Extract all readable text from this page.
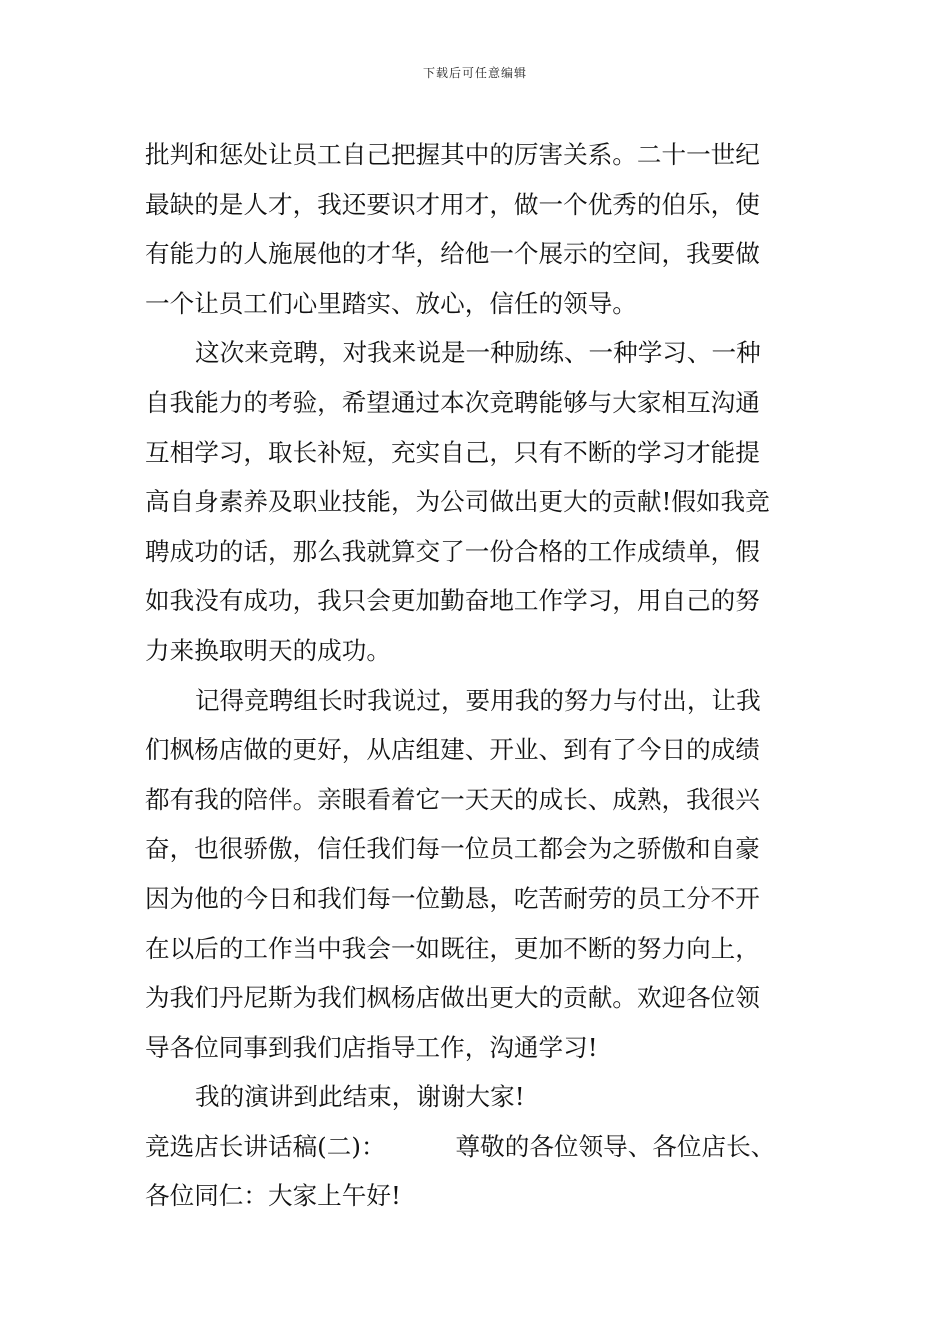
下载后可任意编辑
批判和惩处让员工自己把握其中的厉害关系。二十一世纪
最缺的是人才，我还要识才用才，做一个优秀的伯乐，使
有能力的人施展他的才华，给他一个展示的空间，我要做
一个让员工们心里踏实、放心，信任的领导。
这次来竞聘，对我来说是一种励练、一种学习、一种
自我能力的考验，希望通过本次竞聘能够与大家相互沟通
互相学习，取长补短，充实自己，只有不断的学习才能提
高自身素养及职业技能，为公司做出更大的贡献!假如我竞
聘成功的话，那么我就算交了一份合格的工作成绩单，假
如我没有成功，我只会更加勤奋地工作学习，用自己的努
力来换取明天的成功。
记得竞聘组长时我说过，要用我的努力与付出，让我
们枫杨店做的更好，从店组建、开业、到有了今日的成绩
都有我的陪伴。亲眼看着它一天天的成长、成熟，我很兴
奋，也很骄傲，信任我们每一位员工都会为之骄傲和自豪
因为他的今日和我们每一位勤恳，吃苦耐劳的员工分不开
在以后的工作当中我会一如既往，更加不断的努力向上，
为我们丹尼斯为我们枫杨店做出更大的贡献。欢迎各位领
导各位同事到我们店指导工作，沟通学习!
我的演讲到此结束，谢谢大家!
竞选店长讲话稿(二)：	尊敬的各位领导、各位店长、
各位同仁：大家上午好!
